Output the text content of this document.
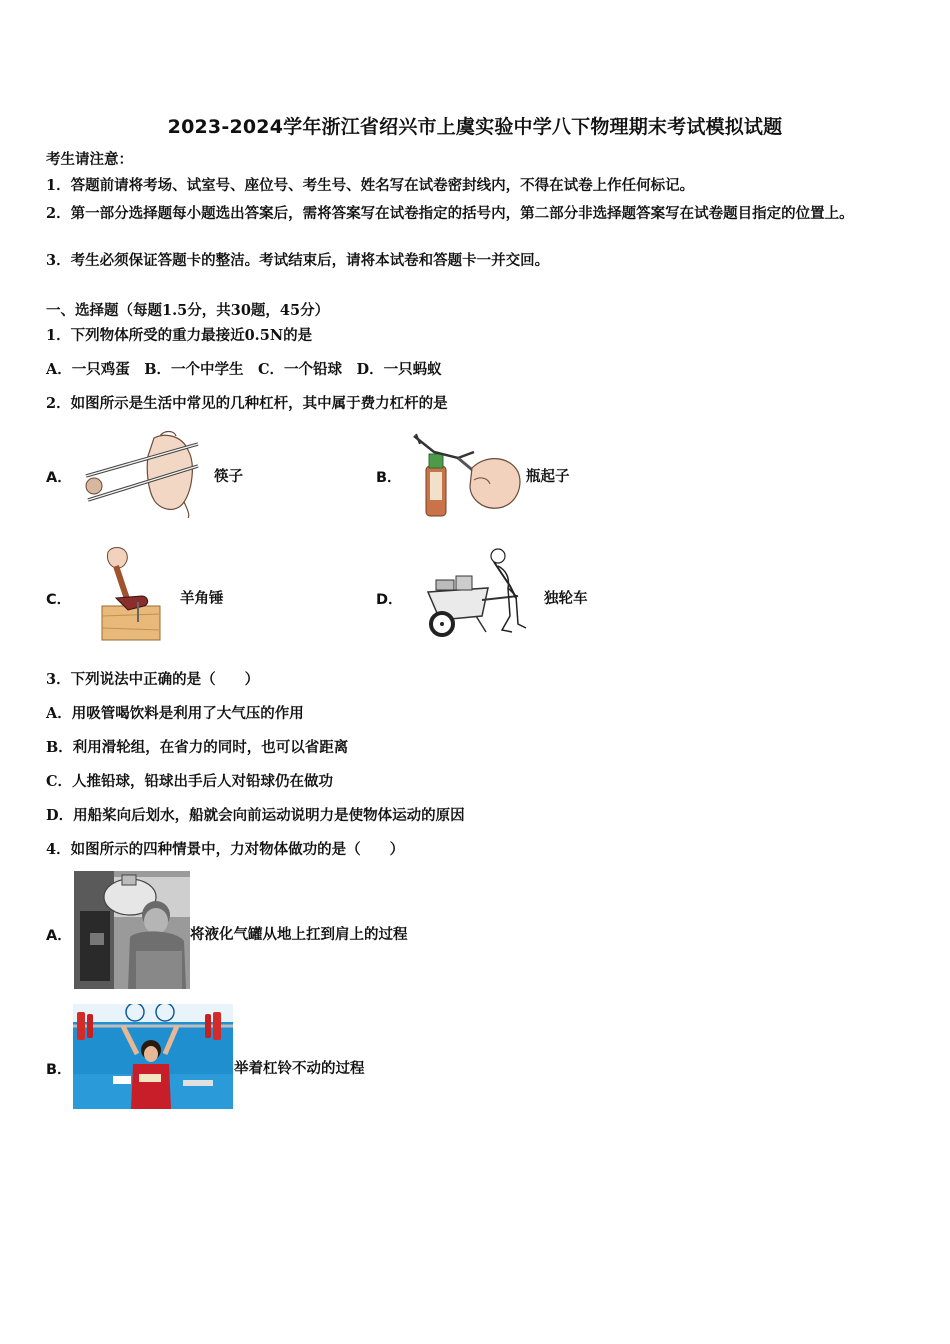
2023-2024学年浙江省绍兴市上虞实验中学八下物理期末考试模拟试题
考生请注意：
1．答题前请将考场、试室号、座位号、考生号、姓名写在试卷密封线内，不得在试卷上作任何标记。
2．第一部分选择题每小题选出答案后，需将答案写在试卷指定的括号内，第二部分非选择题答案写在试卷题目指定的位置上。
3．考生必须保证答题卡的整洁。考试结束后，请将本试卷和答题卡一并交回。
一、选择题（每题1.5分，共30题，45分）
1．下列物体所受的重力最接近0.5N的是
A．一只鸡蛋　B．一个中学生　C．一个铅球　D．一只蚂蚁
2．如图所示是生活中常见的几种杠杆，其中属于费力杠杆的是
A．	筷子	B．	瓶起子
C．	羊角锤	D．	独轮车
3．下列说法中正确的是（　　）
A．用吸管喝饮料是利用了大气压的作用
B．利用滑轮组，在省力的同时，也可以省距离
C．人推铅球，铅球出手后人对铅球仍在做功
D．用船桨向后划水，船就会向前运动说明力是使物体运动的原因
4．如图所示的四种情景中，力对物体做功的是（　　）
A．	将液化气罐从地上扛到肩上的过程
B．	举着杠铃不动的过程
